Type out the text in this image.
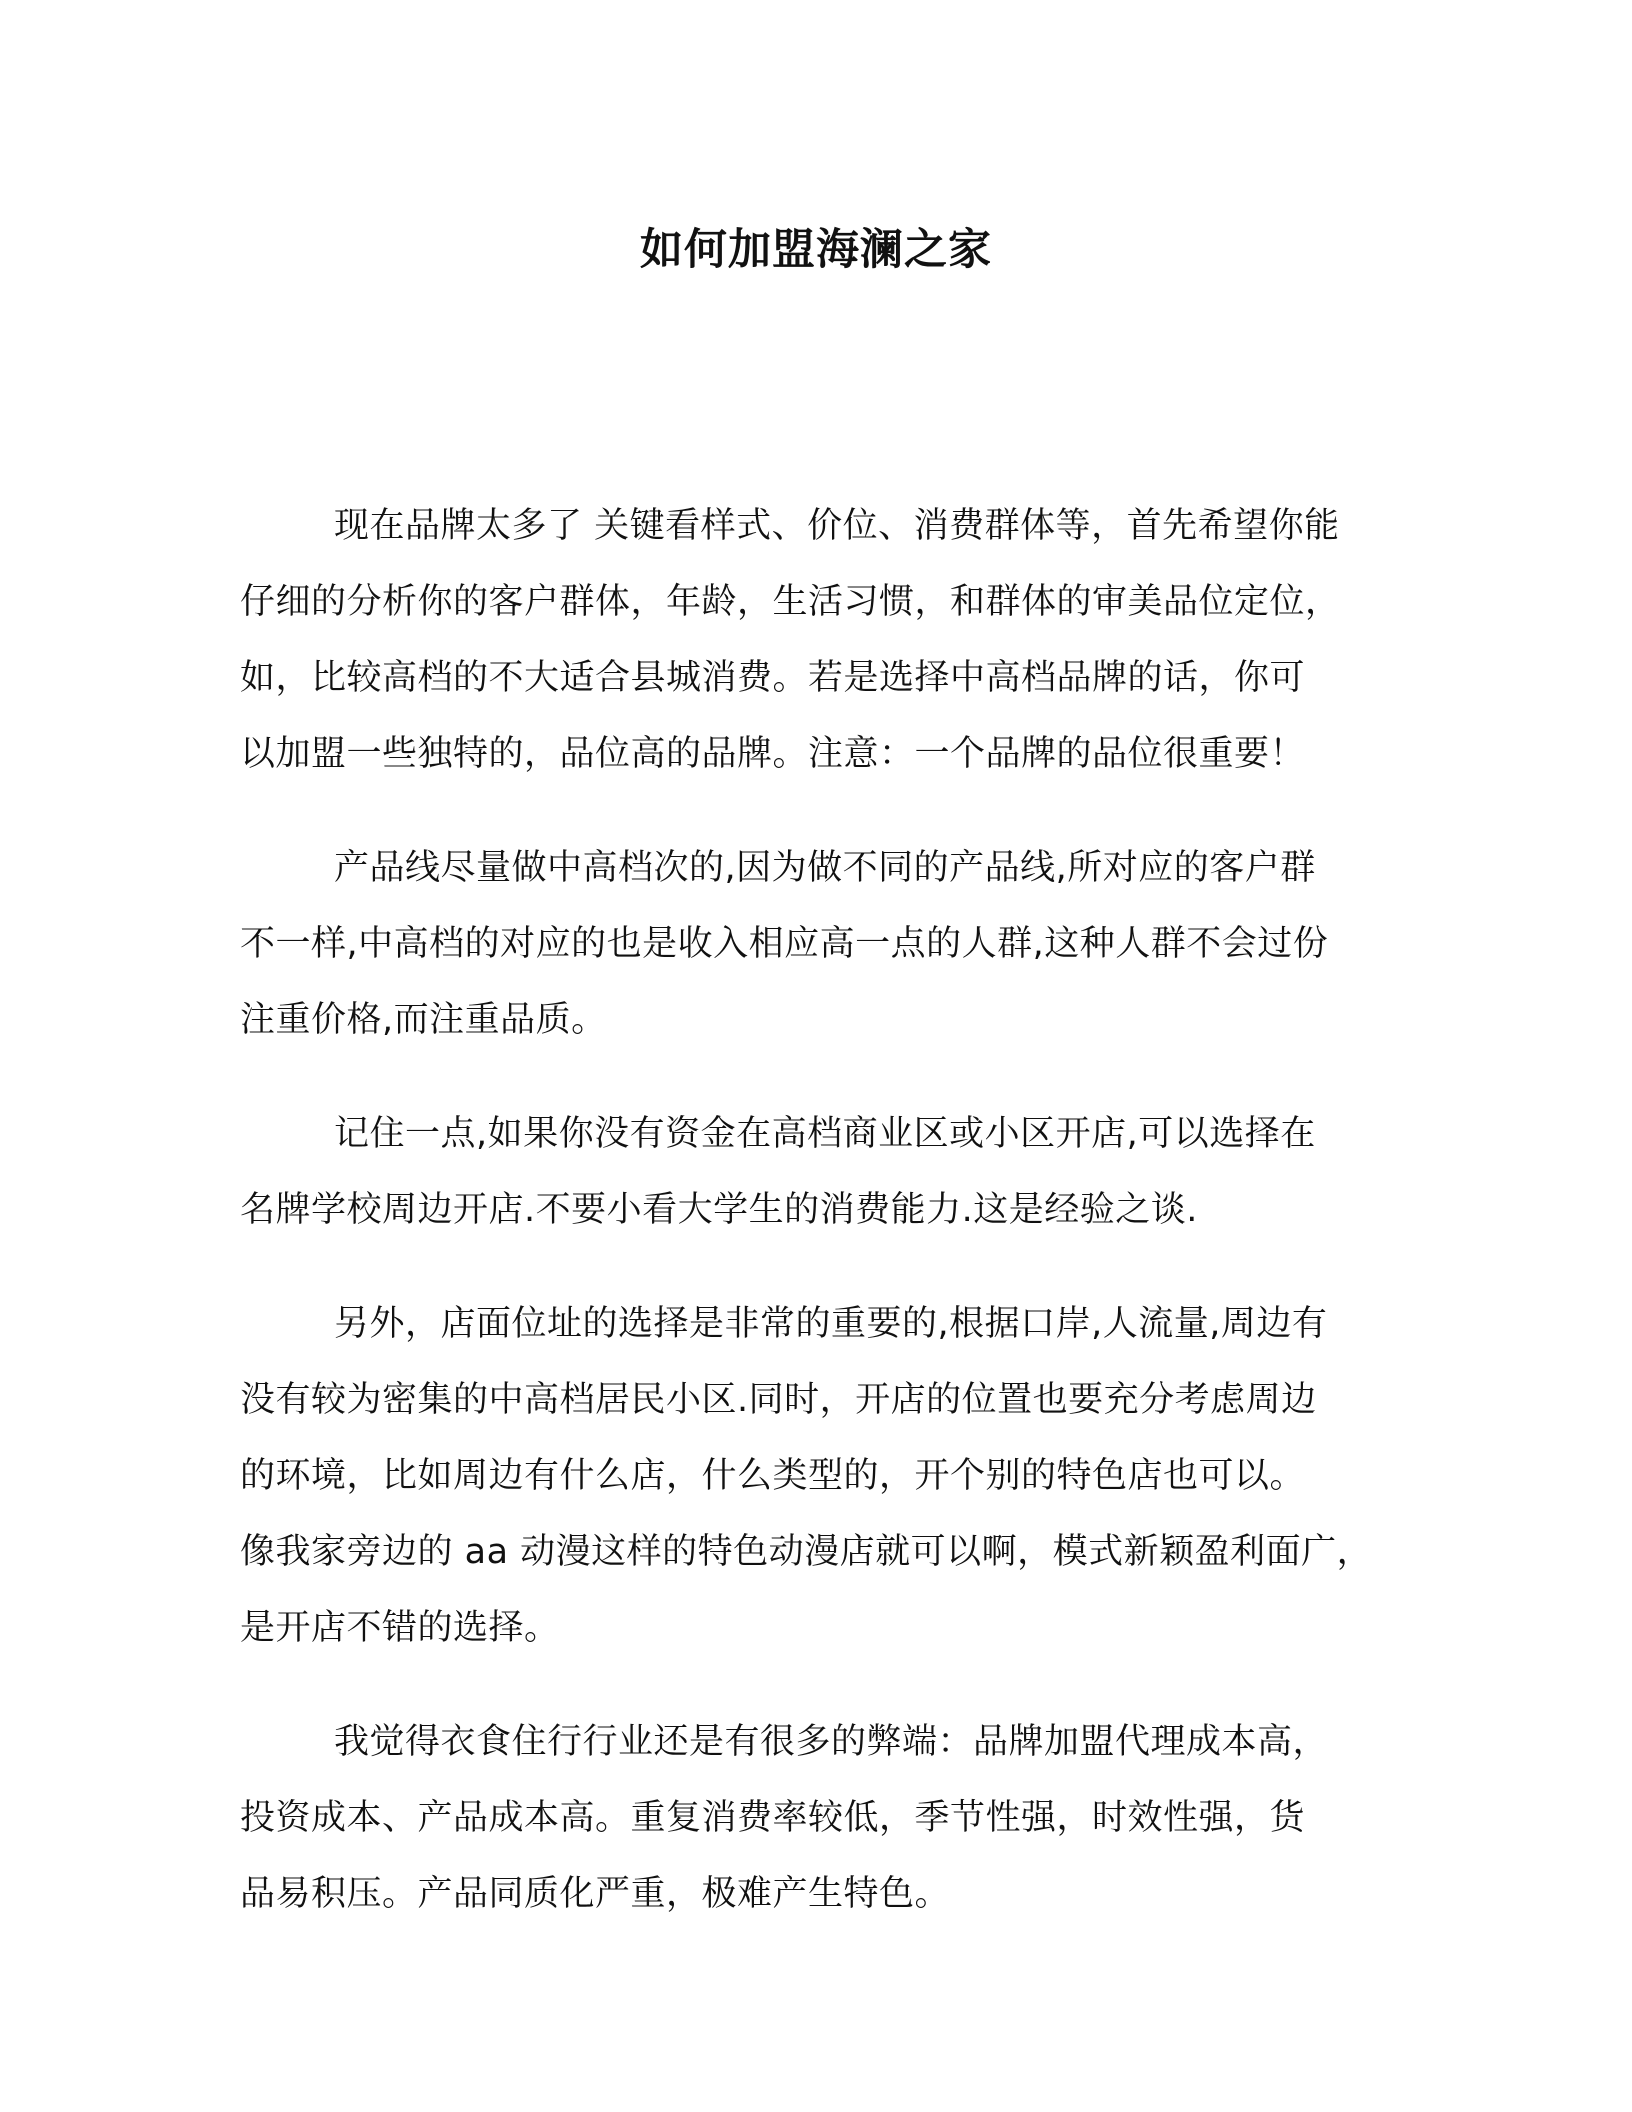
如何加盟海澜之家

现在品牌太多了 关键看样式、价位、消费群体等，首先希望你能
仔细的分析你的客户群体，年龄，生活习惯，和群体的审美品位定位，
如，比较高档的不大适合县城消费。若是选择中高档品牌的话，你可
以加盟一些独特的，品位高的品牌。注意：一个品牌的品位很重要！

产品线尽量做中高档次的,因为做不同的产品线,所对应的客户群
不一样,中高档的对应的也是收入相应高一点的人群,这种人群不会过份
注重价格,而注重品质。

记住一点,如果你没有资金在高档商业区或小区开店,可以选择在
名牌学校周边开店.不要小看大学生的消费能力.这是经验之谈.

另外，店面位址的选择是非常的重要的,根据口岸,人流量,周边有
没有较为密集的中高档居民小区.同时，开店的位置也要充分考虑周边
的环境，比如周边有什么店，什么类型的，开个别的特色店也可以。
像我家旁边的 aa 动漫这样的特色动漫店就可以啊，模式新颖盈利面广，
是开店不错的选择。

我觉得衣食住行行业还是有很多的弊端：品牌加盟代理成本高，
投资成本、产品成本高。重复消费率较低，季节性强，时效性强，货
品易积压。产品同质化严重，极难产生特色。
